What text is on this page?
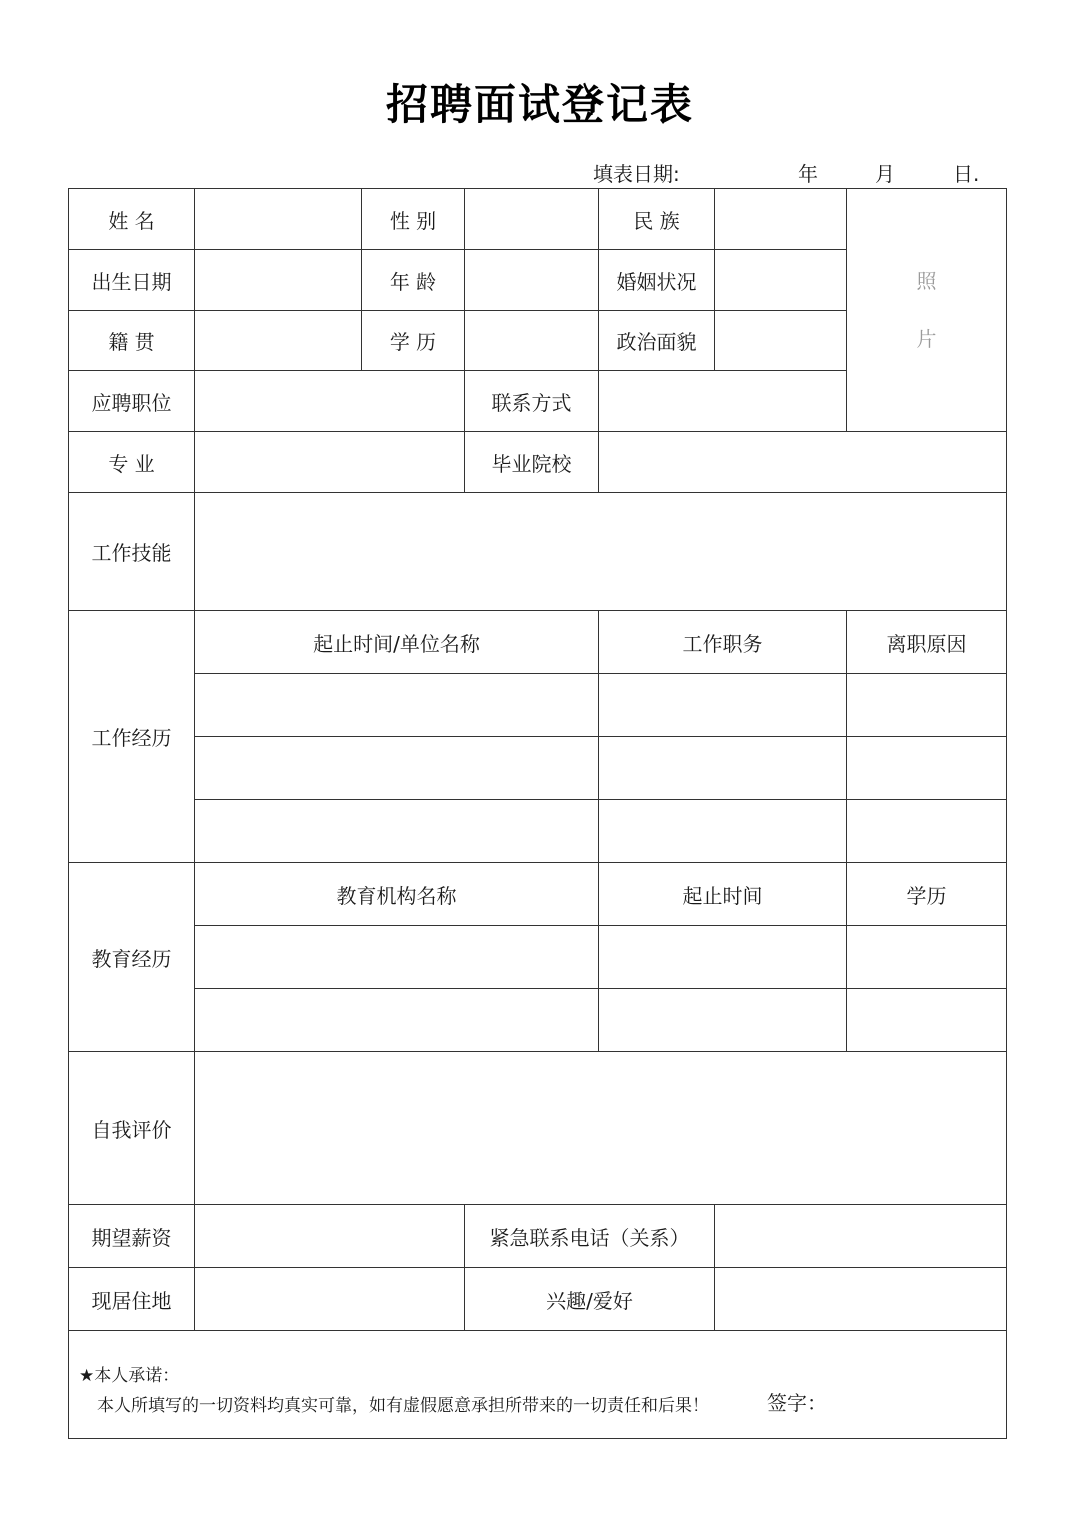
招聘面试登记表
填表日期:	年	月	日.
姓 名		性 别		民 族		照
片

出生日期		年 龄		婚姻状况		
籍 贯		学 历		政治面貌		
应聘职位			联系方式			
专 业			毕业院校			
工作技能						
工作经历	起止时间/单位名称			工作职务		离职原因

教育经历	教育机构名称			起止时间		学历

自我评价						
期望薪资			紧急联系电话（关系）			
现居住地			兴趣/爱好			

★本人承诺：
本人所填写的一切资料均真实可靠，如有虚假愿意承担所带来的一切责任和后果！ 签字：						
